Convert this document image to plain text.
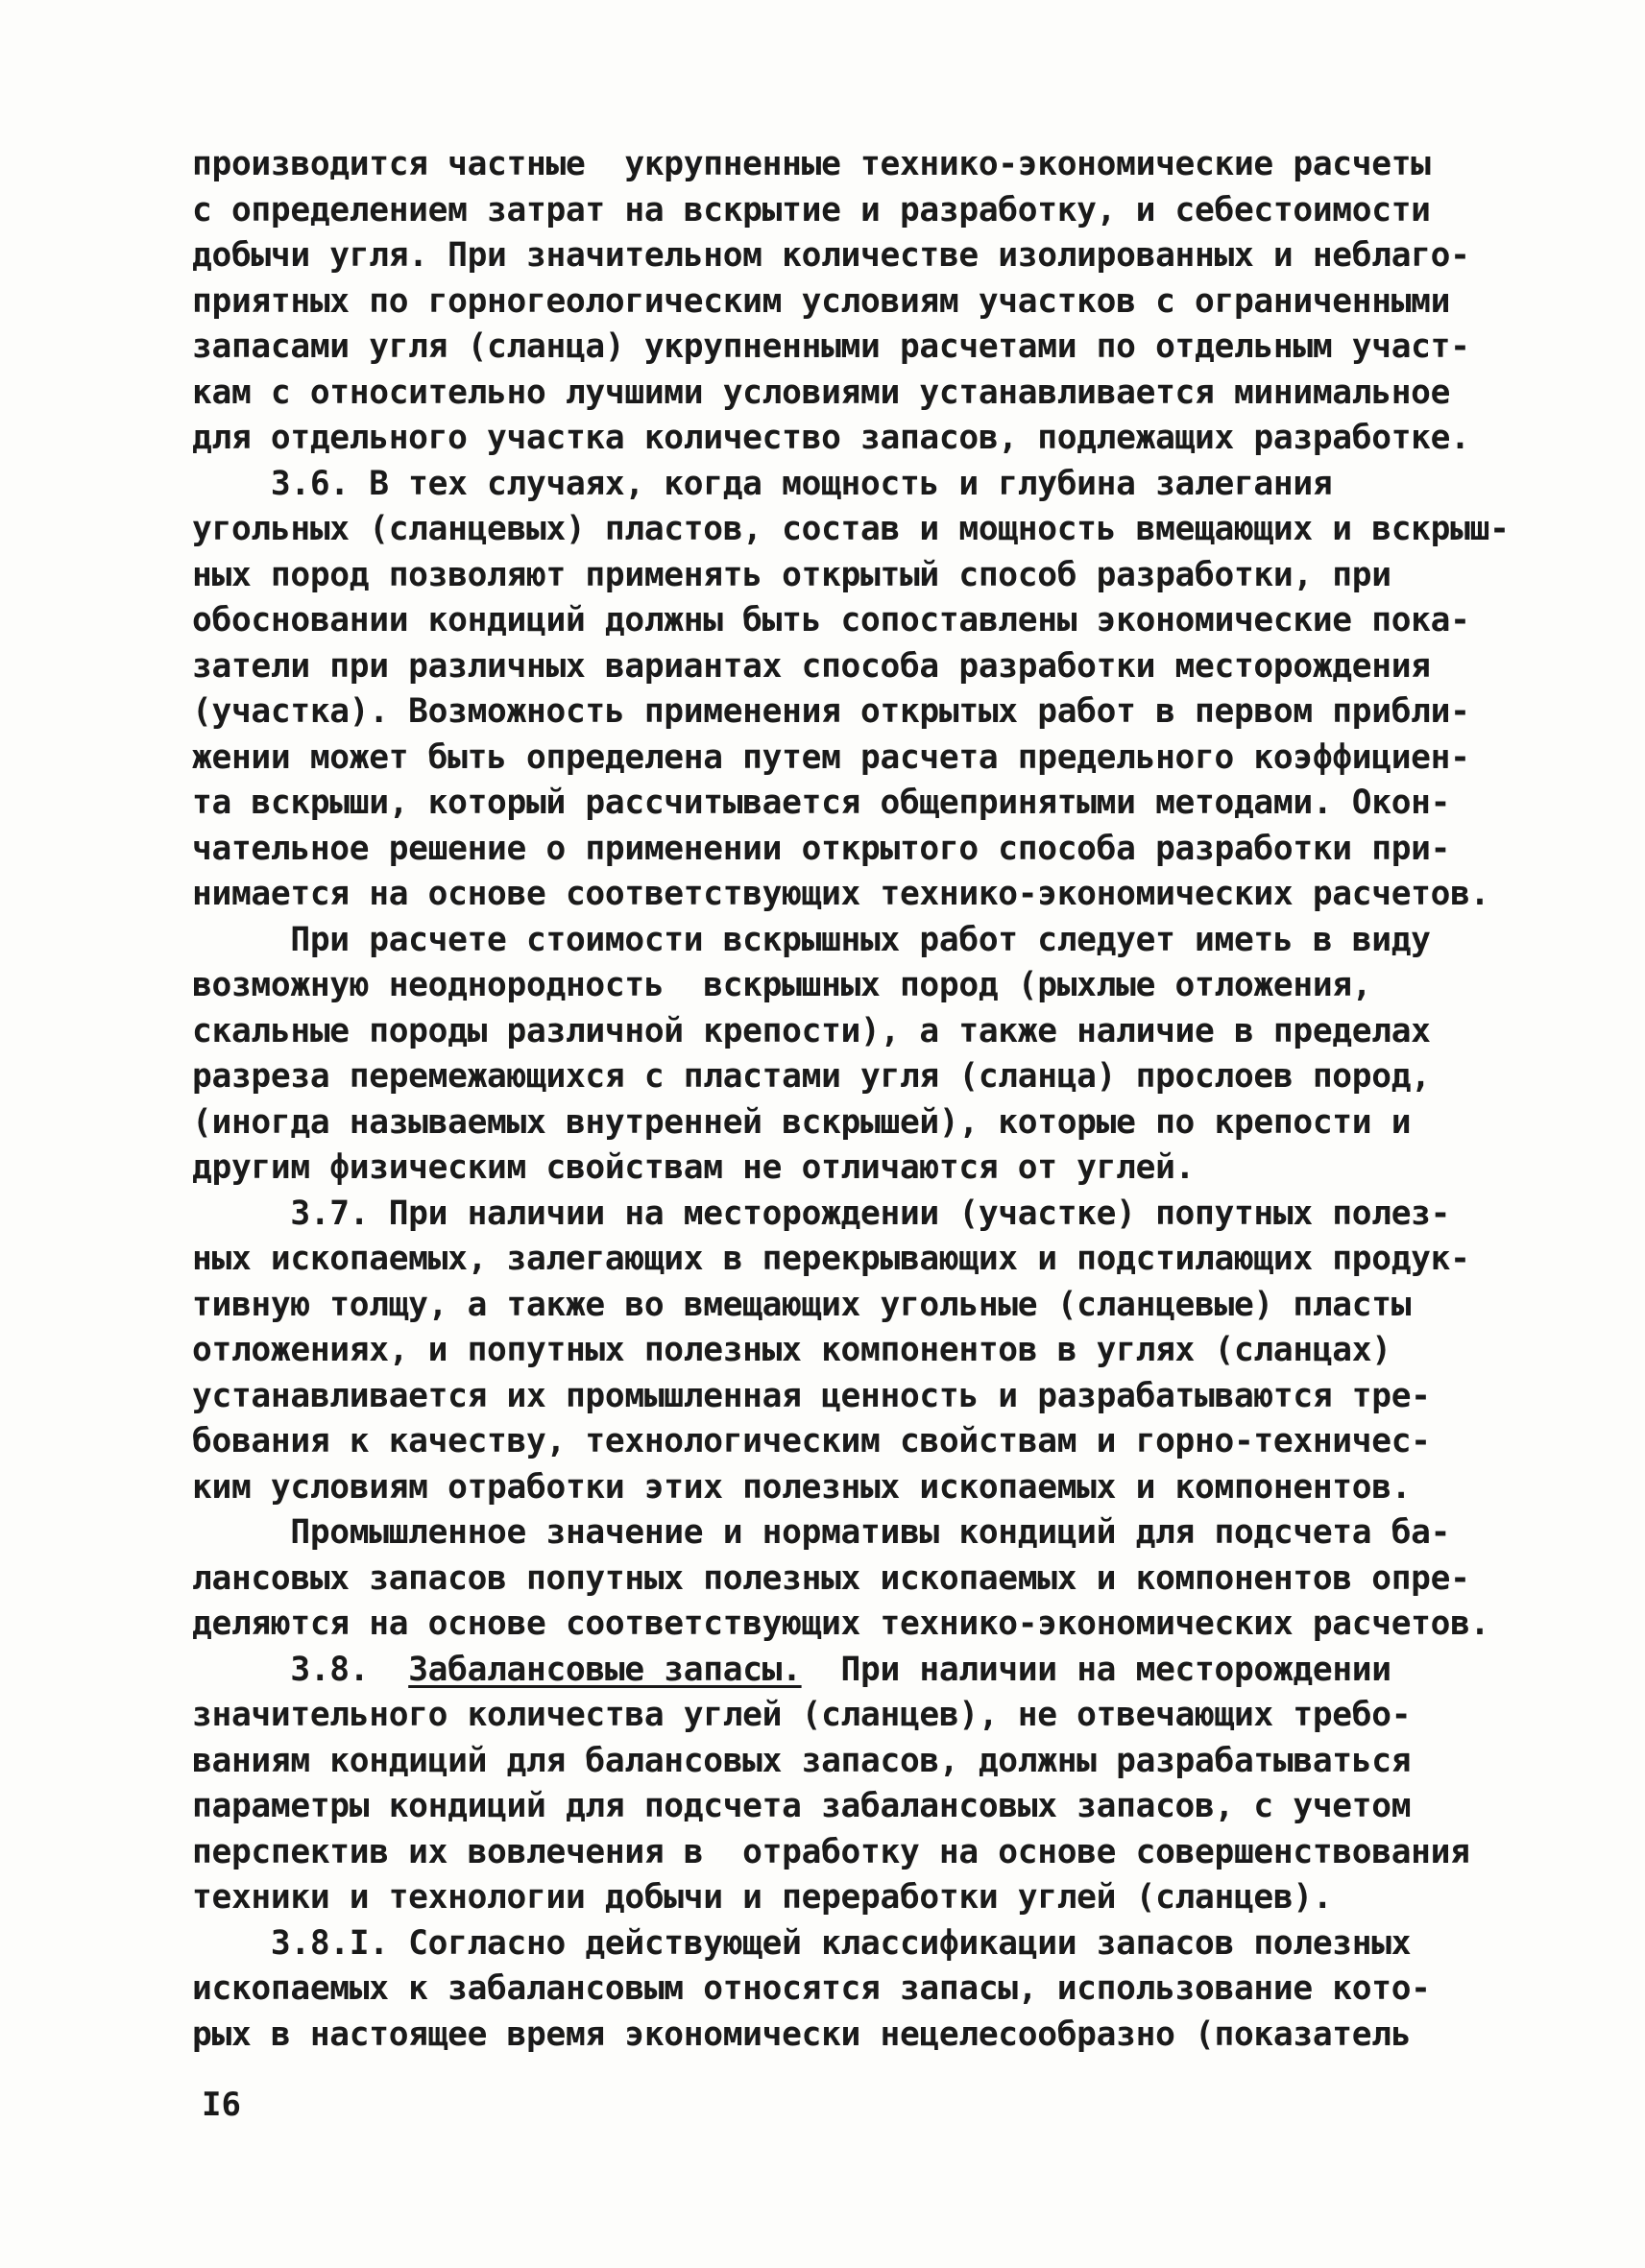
производится частные  укрупненные технико-экономические расчеты
с определением затрат на вскрытие и разработку, и себестоимости
добычи угля. При значительном количестве изолированных и неблаго-
приятных по горногеологическим условиям участков с ограниченными
запасами угля (сланца) укрупненными расчетами по отдельным участ-
кам с относительно лучшими условиями устанавливается минимальное
для отдельного участка количество запасов, подлежащих разработке.
3.6. В тех случаях, когда мощность и глубина залегания
угольных (сланцевых) пластов, состав и мощность вмещающих и вскрыш-
ных пород позволяют применять открытый способ разработки, при
обосновании кондиций должны быть сопоставлены экономические пока-
затели при различных вариантах способа разработки месторождения
(участка). Возможность применения открытых работ в первом прибли-
жении может быть определена путем расчета предельного коэффициен-
та вскрыши, который рассчитывается общепринятыми методами. Окон-
чательное решение о применении открытого способа разработки при-
нимается на основе соответствующих технико-экономических расчетов.
При расчете стоимости вскрышных работ следует иметь в виду
возможную неоднородность  вскрышных пород (рыхлые отложения,
скальные породы различной крепости), а также наличие в пределах
разреза перемежающихся с пластами угля (сланца) прослоев пород,
(иногда называемых внутренней вскрышей), которые по крепости и
другим физическим свойствам не отличаются от углей.
3.7. При наличии на месторождении (участке) попутных полез-
ных ископаемых, залегающих в перекрывающих и подстилающих продук-
тивную толщу, а также во вмещающих угольные (сланцевые) пласты
отложениях, и попутных полезных компонентов в углях (сланцах)
устанавливается их промышленная ценность и разрабатываются тре-
бования к качеству, технологическим свойствам и горно-техничес-
ким условиям отработки этих полезных ископаемых и компонентов.
Промышленное значение и нормативы кондиций для подсчета ба-
лансовых запасов попутных полезных ископаемых и компонентов опре-
деляются на основе соответствующих технико-экономических расчетов.
3.8.  Забалансовые запасы.  При наличии на месторождении
значительного количества углей (сланцев), не отвечающих требо-
ваниям кондиций для балансовых запасов, должны разрабатываться
параметры кондиций для подсчета забалансовых запасов, с учетом
перспектив их вовлечения в  отработку на основе совершенствования
техники и технологии добычи и переработки углей (сланцев).
3.8.I. Согласно действующей классификации запасов полезных
ископаемых к забалансовым относятся запасы, использование кото-
рых в настоящее время экономически нецелесообразно (показатель
I6
